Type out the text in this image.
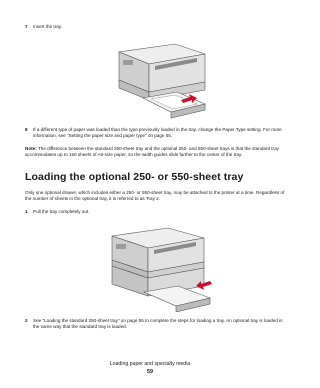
7 Insert the tray.
8 If a different type of paper was loaded than the type previously loaded in the tray, change the Paper Type setting. For more information, see "Setting the paper size and paper type" on page 55.
Note: The difference between the standard 250-sheet tray and the optional 250- and 550-sheet trays is that the standard tray accommodates up to 150 sheets of A6-size paper, so the width guides slide farther to the center of the tray.
Loading the optional 250- or 550-sheet tray
Only one optional drawer, which includes either a 250- or 550-sheet tray, may be attached to the printer at a time. Regardless of the number of sheets in the optional tray, it is referred to as Tray 2.
1 Pull the tray completely out.
2 See "Loading the standard 250-sheet tray" on page 55 to complete the steps for loading a tray. An optional tray is loaded in the same way that the standard tray is loaded.
Loading paper and specialty media
59
